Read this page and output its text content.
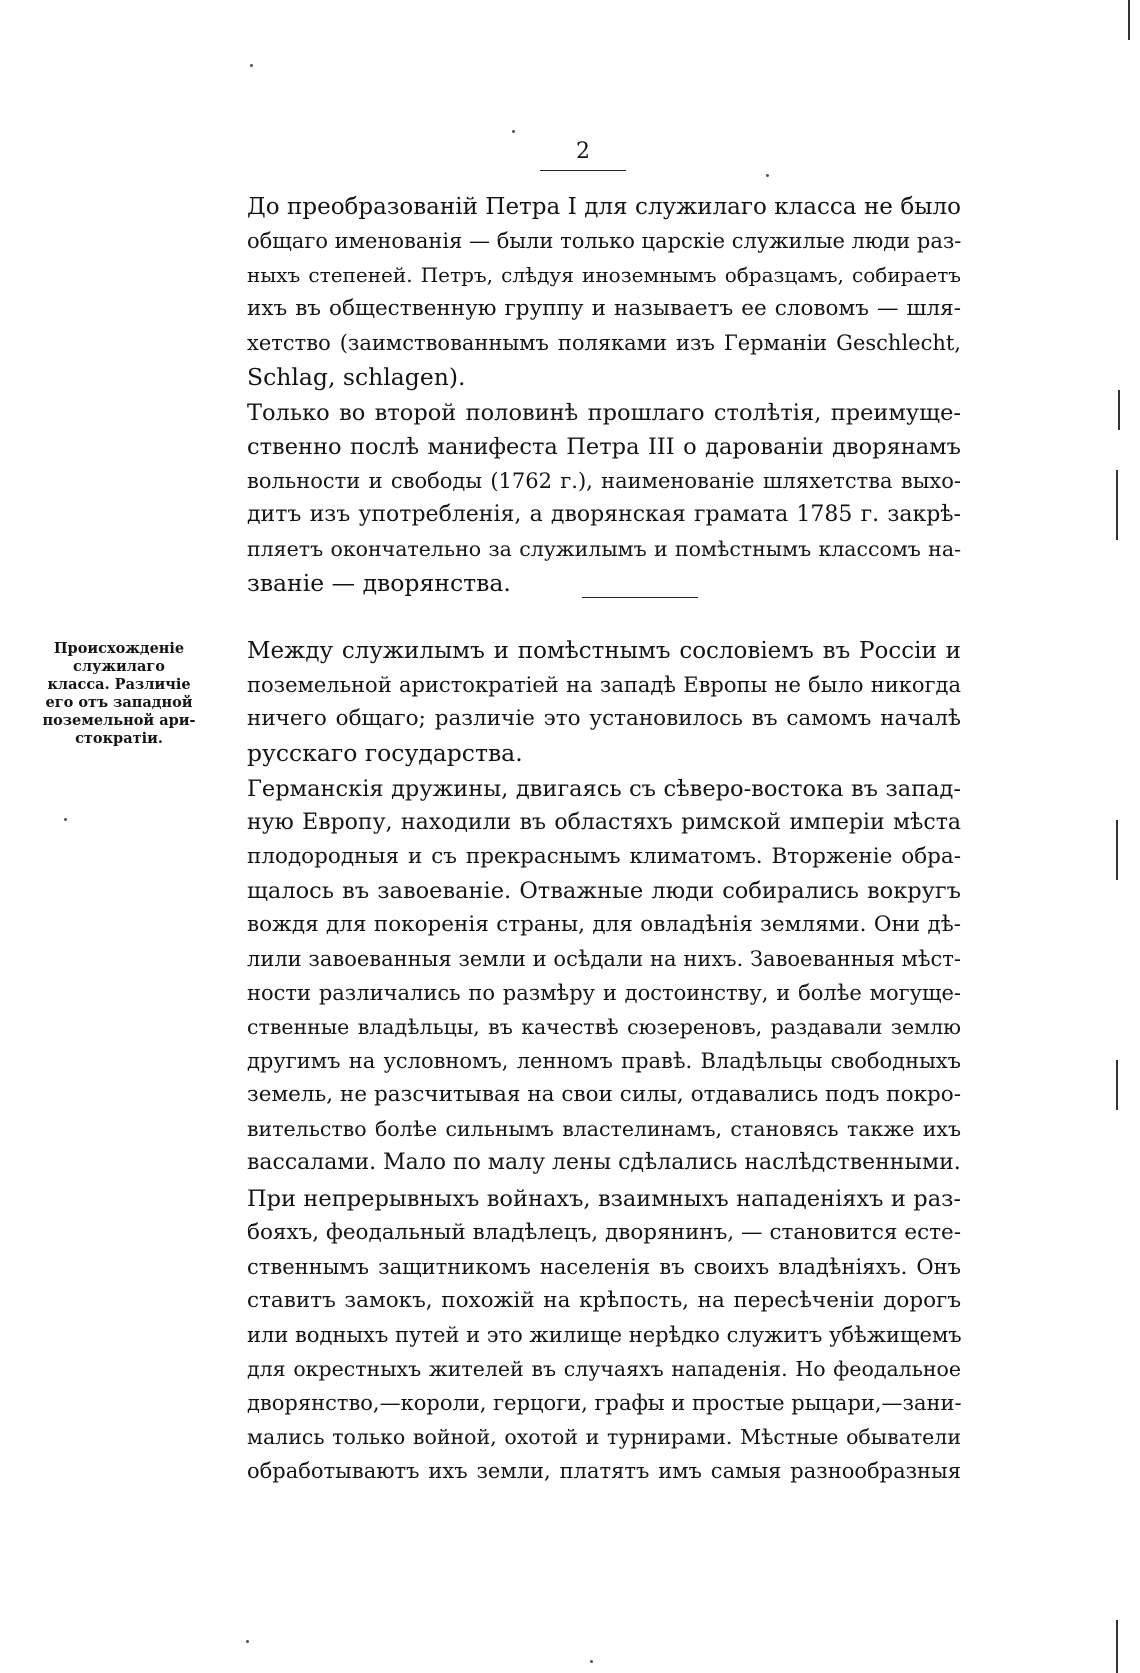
2
До преобразованій Петра I для служилаго класса не было
общаго именованія — были только царскіе служилые люди раз-
ныхъ степеней. Петръ, слѣдуя иноземнымъ образцамъ, собираетъ
ихъ въ общественную группу и называетъ ее словомъ — шля-
хетство (заимствованнымъ поляками изъ Германіи Geschlecht,
Schlag, schlagen).
Только во второй половинѣ прошлаго столѣтія, преимуще-
ственно послѣ манифеста Петра III о дарованіи дворянамъ
вольности и свободы (1762 г.), наименованіе шляхетства выхо-
дитъ изъ употребленія, а дворянская грамата 1785 г. закрѣ-
пляетъ окончательно за служилымъ и помѣстнымъ классомъ на-
званіе — дворянства.
Происхожденіе
служилаго
класса. Различіе
его отъ западной
поземельной ари-
стократіи.
Между служилымъ и помѣстнымъ сословіемъ въ Россіи и
поземельной аристократіей на западѣ Европы не было никогда
ничего общаго; различіе это установилось въ самомъ началѣ
русскаго государства.
Германскія дружины, двигаясь съ сѣверо-востока въ запад-
ную Европу, находили въ областяхъ римской имперіи мѣста
плодородныя и съ прекраснымъ климатомъ. Вторженіе обра-
щалось въ завоеваніе. Отважные люди собирались вокругъ
вождя для покоренія страны, для овладѣнія землями. Они дѣ-
лили завоеванныя земли и осѣдали на нихъ. Завоеванныя мѣст-
ности различались по размѣру и достоинству, и болѣе могуще-
ственные владѣльцы, въ качествѣ сюзереновъ, раздавали землю
другимъ на условномъ, ленномъ правѣ. Владѣльцы свободныхъ
земель, не разсчитывая на свои силы, отдавались подъ покро-
вительство болѣе сильнымъ властелинамъ, становясь также ихъ
вассалами. Мало по малу лены сдѣлались наслѣдственными.
При непрерывныхъ войнахъ, взаимныхъ нападеніяхъ и раз-
бояхъ, феодальный владѣлецъ, дворянинъ, — становится есте-
ственнымъ защитникомъ населенія въ своихъ владѣніяхъ. Онъ
ставитъ замокъ, похожій на крѣпость, на пересѣченіи дорогъ
или водныхъ путей и это жилище нерѣдко служитъ убѣжищемъ
для окрестныхъ жителей въ случаяхъ нападенія. Но феодальное
дворянство,—короли, герцоги, графы и простые рыцари,—зани-
мались только войной, охотой и турнирами. Мѣстные обыватели
обработываютъ ихъ земли, платятъ имъ самыя разнообразныя
